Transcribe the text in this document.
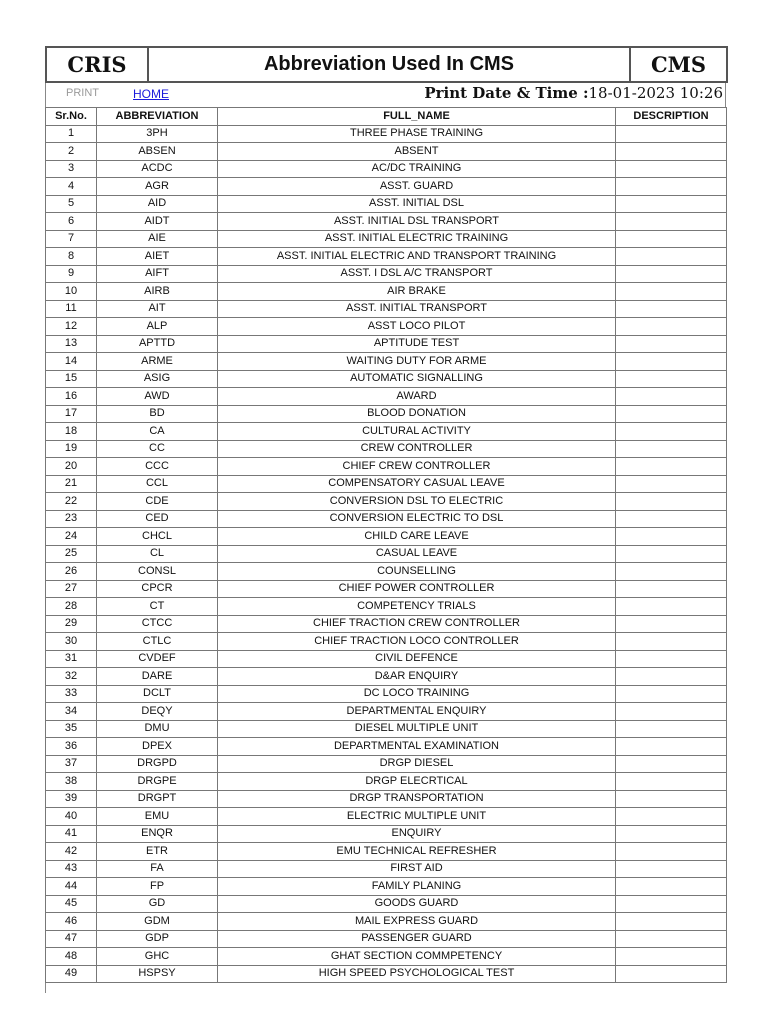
CRIS	Abbreviation Used In CMS	CMS
PRINT	HOME	Print Date & Time :18-01-2023 10:26
Sr.No.	ABBREVIATION	FULL_NAME	DESCRIPTION
1	3PH	THREE PHASE TRAINING	
2	ABSEN	ABSENT	
3	ACDC	AC/DC TRAINING	
4	AGR	ASST. GUARD	
5	AID	ASST. INITIAL DSL	
6	AIDT	ASST. INITIAL DSL TRANSPORT	
7	AIE	ASST. INITIAL ELECTRIC TRAINING	
8	AIET	ASST. INITIAL ELECTRIC AND TRANSPORT TRAINING	
9	AIFT	ASST. I DSL A/C TRANSPORT	
10	AIRB	AIR BRAKE	
11	AIT	ASST. INITIAL TRANSPORT	
12	ALP	ASST LOCO PILOT	
13	APTTD	APTITUDE TEST	
14	ARME	WAITING DUTY FOR ARME	
15	ASIG	AUTOMATIC SIGNALLING	
16	AWD	AWARD	
17	BD	BLOOD DONATION	
18	CA	CULTURAL ACTIVITY	
19	CC	CREW CONTROLLER	
20	CCC	CHIEF CREW CONTROLLER	
21	CCL	COMPENSATORY CASUAL LEAVE	
22	CDE	CONVERSION DSL TO ELECTRIC	
23	CED	CONVERSION ELECTRIC TO DSL	
24	CHCL	CHILD CARE LEAVE	
25	CL	CASUAL LEAVE	
26	CONSL	COUNSELLING	
27	CPCR	CHIEF POWER CONTROLLER	
28	CT	COMPETENCY TRIALS	
29	CTCC	CHIEF TRACTION CREW CONTROLLER	
30	CTLC	CHIEF TRACTION LOCO CONTROLLER	
31	CVDEF	CIVIL DEFENCE	
32	DARE	D&AR ENQUIRY	
33	DCLT	DC LOCO TRAINING	
34	DEQY	DEPARTMENTAL ENQUIRY	
35	DMU	DIESEL MULTIPLE UNIT	
36	DPEX	DEPARTMENTAL EXAMINATION	
37	DRGPD	DRGP DIESEL	
38	DRGPE	DRGP ELECRTICAL	
39	DRGPT	DRGP TRANSPORTATION	
40	EMU	ELECTRIC MULTIPLE UNIT	
41	ENQR	ENQUIRY	
42	ETR	EMU TECHNICAL REFRESHER	
43	FA	FIRST AID	
44	FP	FAMILY PLANING	
45	GD	GOODS GUARD	
46	GDM	MAIL EXPRESS GUARD	
47	GDP	PASSENGER GUARD	
48	GHC	GHAT SECTION COMMPETENCY	
49	HSPSY	HIGH SPEED PSYCHOLOGICAL TEST	
